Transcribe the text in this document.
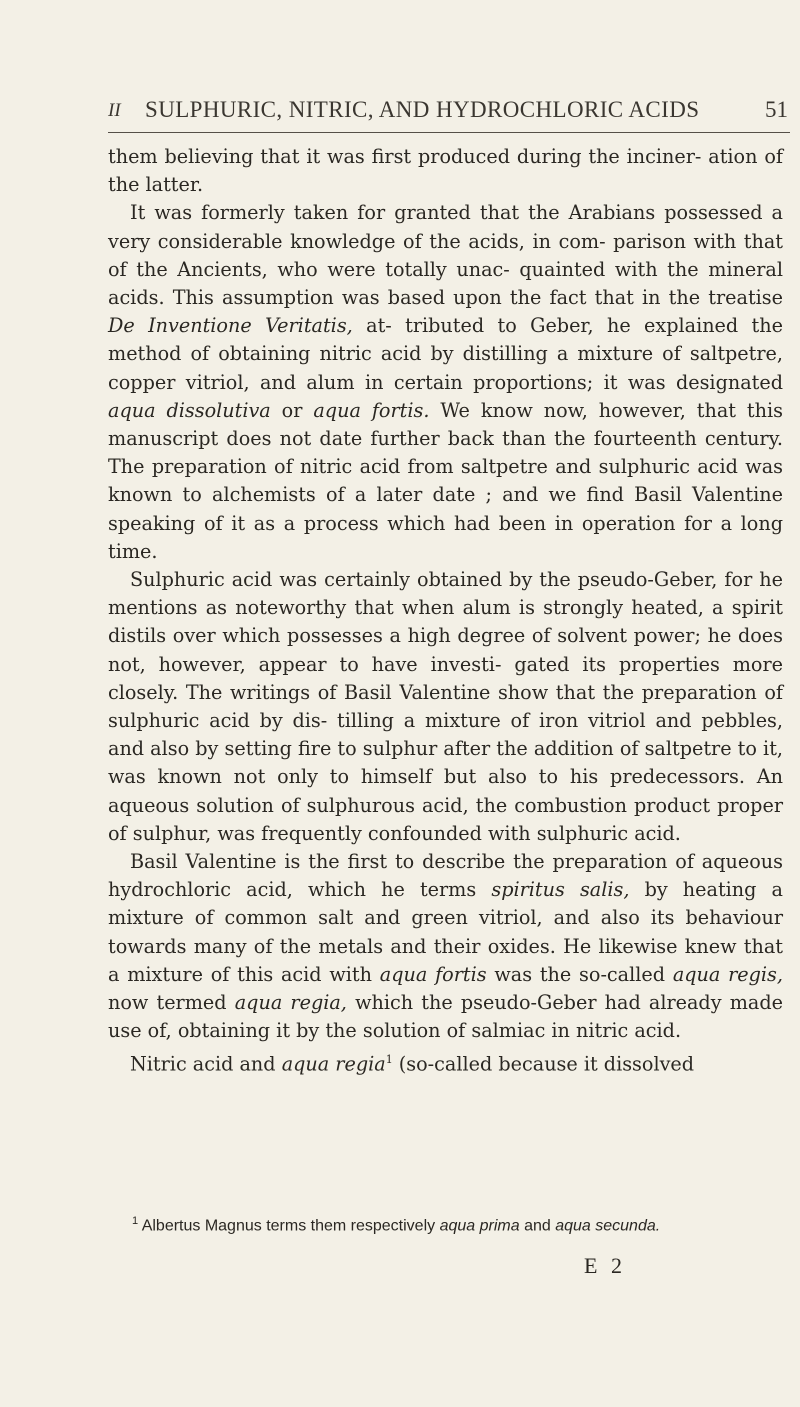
II SULPHURIC, NITRIC, AND HYDROCHLORIC ACIDS	51

them believing that it was first produced during the inciner- ation of the latter.

It was formerly taken for granted that the Arabians possessed a very considerable knowledge of the acids, in com- parison with that of the Ancients, who were totally unac- quainted with the mineral acids. This assumption was based upon the fact that in the treatise De Inventione Veritatis, at- tributed to Geber, he explained the method of obtaining nitric acid by distilling a mixture of saltpetre, copper vitriol, and alum in certain proportions; it was designated aqua dissolutiva or aqua fortis. We know now, however, that this manuscript does not date further back than the fourteenth century. The preparation of nitric acid from saltpetre and sulphuric acid was known to alchemists of a later date ; and we find Basil Valentine speaking of it as a process which had been in operation for a long time.

Sulphuric acid was certainly obtained by the pseudo-Geber, for he mentions as noteworthy that when alum is strongly heated, a spirit distils over which possesses a high degree of solvent power; he does not, however, appear to have investi- gated its properties more closely. The writings of Basil Valentine show that the preparation of sulphuric acid by dis- tilling a mixture of iron vitriol and pebbles, and also by setting fire to sulphur after the addition of saltpetre to it, was known not only to himself but also to his predecessors. An aqueous solution of sulphurous acid, the combustion product proper of sulphur, was frequently confounded with sulphuric acid.

Basil Valentine is the first to describe the preparation of aqueous hydrochloric acid, which he terms spiritus salis, by heating a mixture of common salt and green vitriol, and also its behaviour towards many of the metals and their oxides. He likewise knew that a mixture of this acid with aqua fortis was the so-called aqua regis, now termed aqua regia, which the pseudo-Geber had already made use of, obtaining it by the solution of salmiac in nitric acid.

Nitric acid and aqua regia$^1$ (so-called because it dissolved

$^1$ Albertus Magnus terms them respectively aqua prima and aqua secunda.
E 2
